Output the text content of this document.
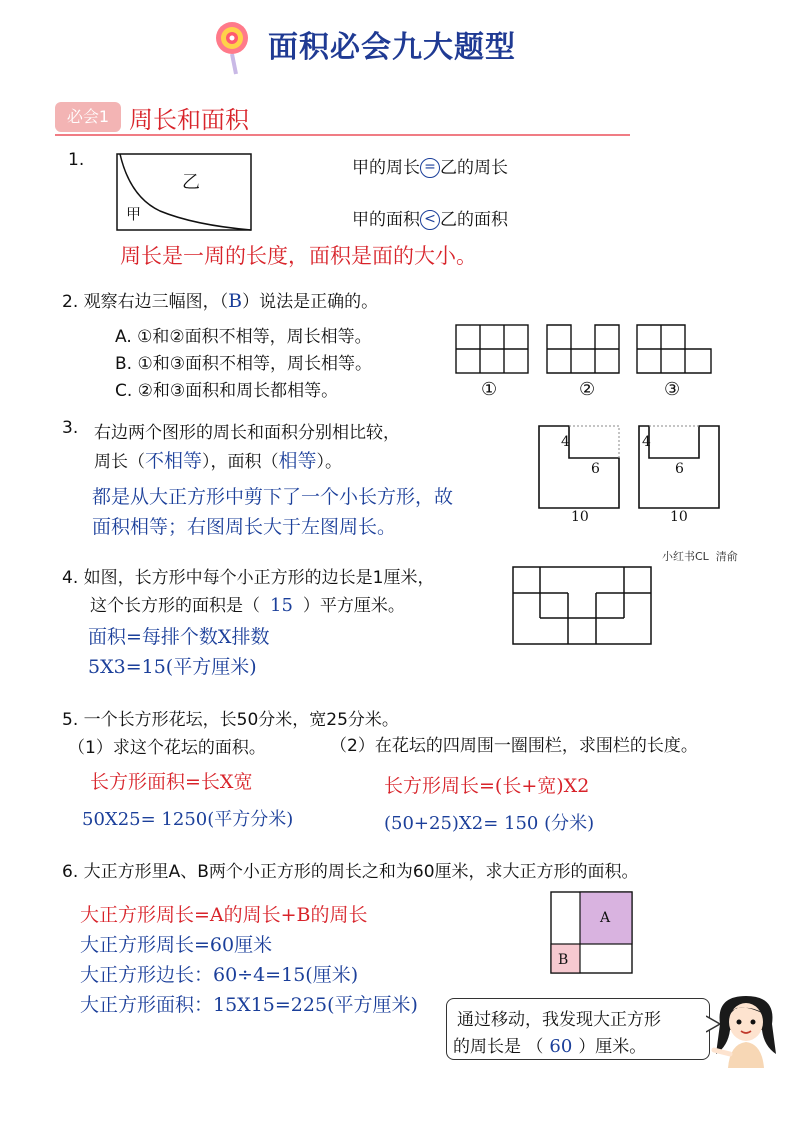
面积必会九大题型
必会1 周长和面积
1.
乙
甲
甲的周长 = 乙的周长
甲的面积 < 乙的面积
周长是一周的长度，面积是面的大小。
2. 观察右边三幅图，（B）说法是正确的。
A. ①和②面积不相等，周长相等。
B. ①和③面积不相等，周长相等。
C. ②和③面积和周长都相等。	①	②	③
3. 右边两个图形的周长和面积分别相比较，
周长（不相等），面积（相等）。
都是从大正方形中剪下了一个小长方形，故
面积相等；右图周长大于左图周长。
4
6
10
4
6
10
小红书CL  清俞
4. 如图，长方形中每个小正方形的边长是1厘米，
这个长方形的面积是（ 15 ）平方厘米。
面积=每排个数X排数
5X3=15(平方厘米)
5. 一个长方形花坛，长50分米，宽25分米。
（1）求这个花坛的面积。	（2）在花坛的四周围一圈围栏，求围栏的长度。
长方形面积=长X宽
50X25= 1250(平方分米)
长方形周长=(长+宽)X2
(50+25)X2= 150 (分米)
6. 大正方形里A、B两个小正方形的周长之和为60厘米，求大正方形的面积。
大正方形周长=A的周长+B的周长
大正方形周长=60厘米
大正方形边长：60÷4=15(厘米)
大正方形面积：15X15=225(平方厘米)
A
B
通过移动，我发现大正方形
的周长是 （ 60 ）厘米。
